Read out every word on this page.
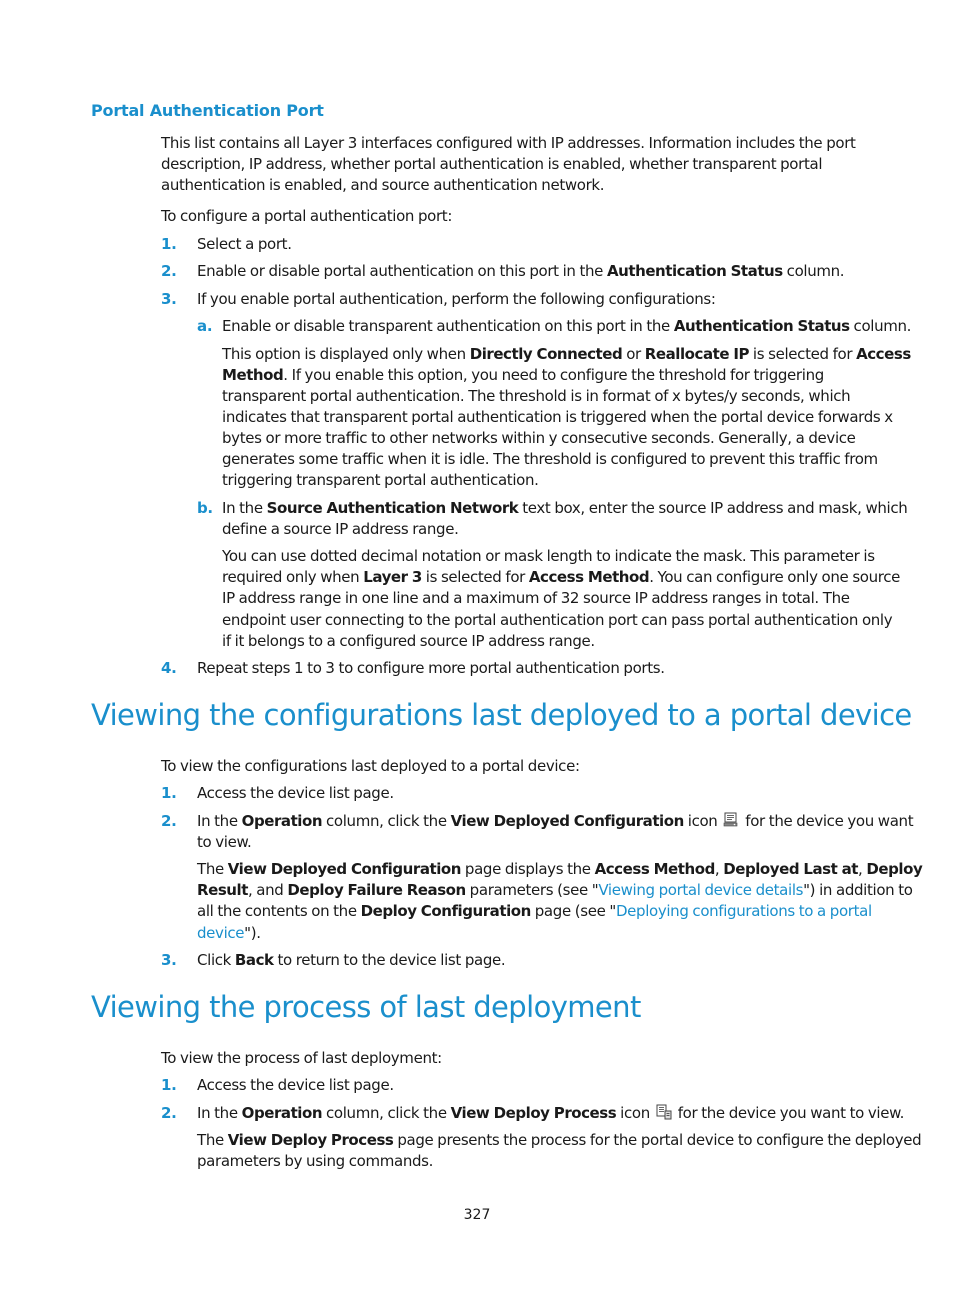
Portal Authentication Port
This list contains all Layer 3 interfaces configured with IP addresses. Information includes the port
description, IP address, whether portal authentication is enabled, whether transparent portal
authentication is enabled, and source authentication network.
To configure a portal authentication port:
1. Select a port.
2. Enable or disable portal authentication on this port in the Authentication Status column.
3. If you enable portal authentication, perform the following configurations:
a. Enable or disable transparent authentication on this port in the Authentication Status column.
This option is displayed only when Directly Connected or Reallocate IP is selected for Access
Method. If you enable this option, you need to configure the threshold for triggering
transparent portal authentication. The threshold is in format of x bytes/y seconds, which
indicates that transparent portal authentication is triggered when the portal device forwards x
bytes or more traffic to other networks within y consecutive seconds. Generally, a device
generates some traffic when it is idle. The threshold is configured to prevent this traffic from
triggering transparent portal authentication.
b. In the Source Authentication Network text box, enter the source IP address and mask, which
define a source IP address range.
You can use dotted decimal notation or mask length to indicate the mask. This parameter is
required only when Layer 3 is selected for Access Method. You can configure only one source
IP address range in one line and a maximum of 32 source IP address ranges in total. The
endpoint user connecting to the portal authentication port can pass portal authentication only
if it belongs to a configured source IP address range.
4. Repeat steps 1 to 3 to configure more portal authentication ports.
Viewing the configurations last deployed to a portal device
To view the configurations last deployed to a portal device:
1. Access the device list page.
2. In the Operation column, click the View Deployed Configuration icon  for the device you want
to view.
The View Deployed Configuration page displays the Access Method, Deployed Last at, Deploy
Result, and Deploy Failure Reason parameters (see "Viewing portal device details") in addition to
all the contents on the Deploy Configuration page (see "Deploying configurations to a portal
device").
3. Click Back to return to the device list page.
Viewing the process of last deployment
To view the process of last deployment:
1. Access the device list page.
2. In the Operation column, click the View Deploy Process icon  for the device you want to view.
The View Deploy Process page presents the process for the portal device to configure the deployed
parameters by using commands.
327
